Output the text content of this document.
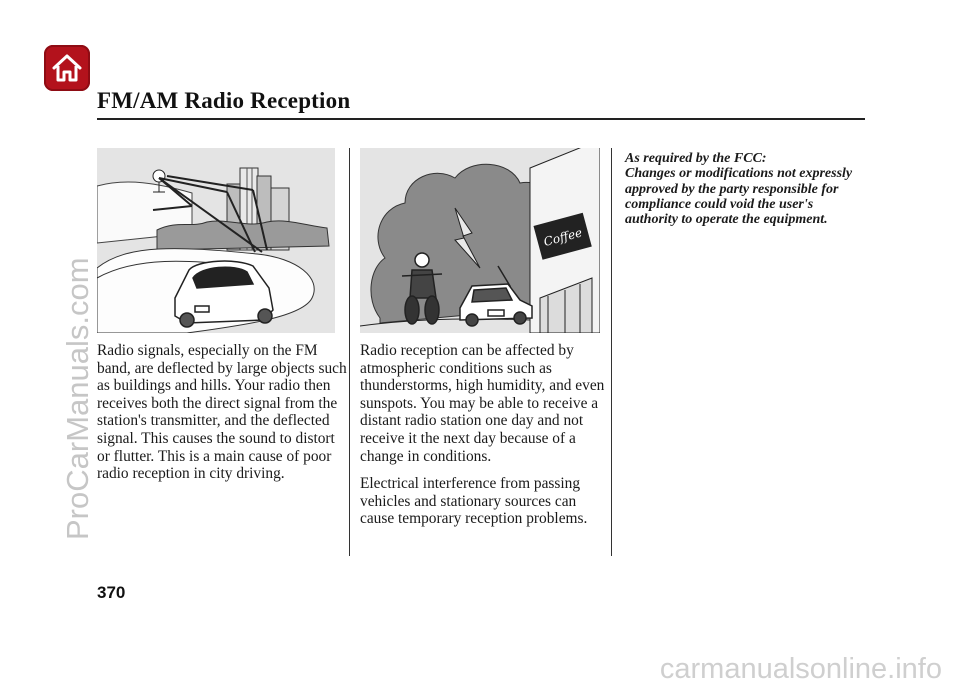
FM/AM Radio Reception

Radio signals, especially on the FM band, are deflected by large objects such as buildings and hills. Your radio then receives both the direct signal from the station's transmitter, and the deflected signal. This causes the sound to distort or flutter. This is a main cause of poor radio reception in city driving.

Coffee

Radio reception can be affected by atmospheric conditions such as thunderstorms, high humidity, and even sunspots. You may be able to receive a distant radio station one day and not receive it the next day because of a change in conditions.

Electrical interference from passing vehicles and stationary sources can cause temporary reception problems.

As required by the FCC:
Changes or modifications not expressly
approved by the party responsible for
compliance could void the user's
authority to operate the equipment.
370
ProCarManuals.com
carmanualsonline.info
